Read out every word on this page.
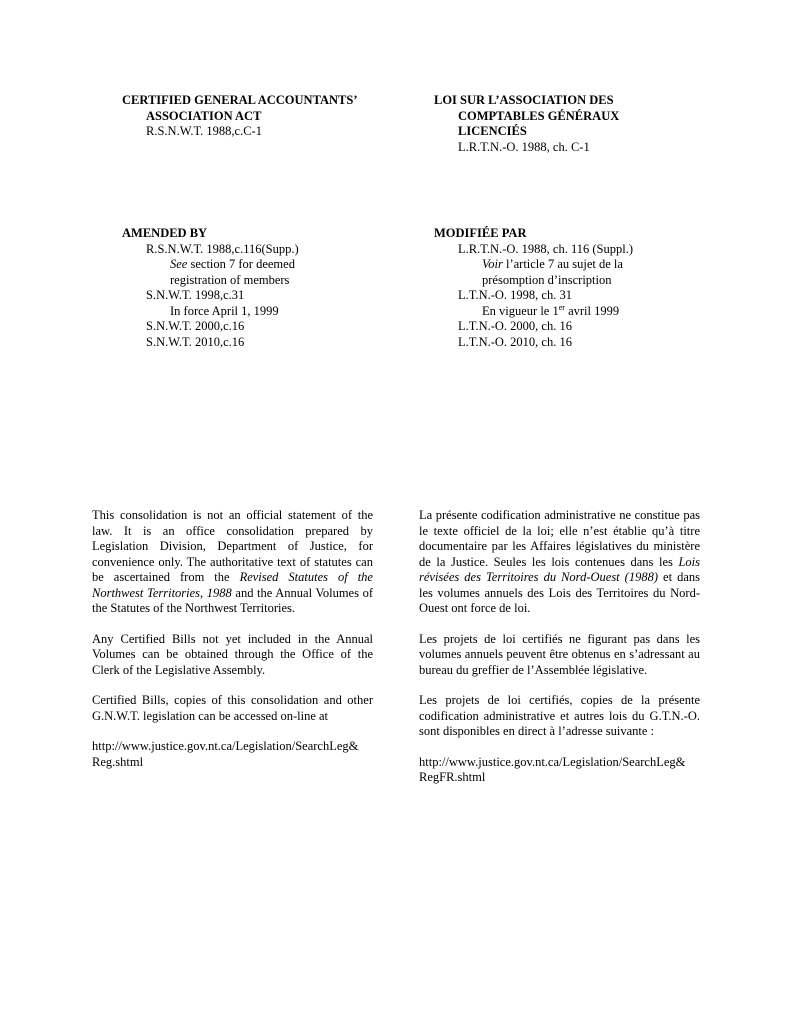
CERTIFIED GENERAL ACCOUNTANTS’
ASSOCIATION ACT
R.S.N.W.T. 1988,c.C-1
LOI SUR L’ASSOCIATION DES
COMPTABLES GÉNÉRAUX
LICENCIÉS
L.R.T.N.-O. 1988, ch. C-1
AMENDED BY
R.S.N.W.T. 1988,c.116(Supp.)
See section 7 for deemed
registration of members
S.N.W.T. 1998,c.31
In force April 1, 1999
S.N.W.T. 2000,c.16
S.N.W.T. 2010,c.16
MODIFIÉE PAR
L.R.T.N.-O. 1988, ch. 116 (Suppl.)
Voir l’article 7 au sujet de la
présomption d’inscription
L.T.N.-O. 1998, ch. 31
En vigueur le 1er avril 1999
L.T.N.-O. 2000, ch. 16
L.T.N.-O. 2010, ch. 16

This consolidation is not an official statement of the law. It is an office consolidation prepared by Legislation Division, Department of Justice, for convenience only. The authoritative text of statutes can be ascertained from the Revised Statutes of the Northwest Territories, 1988 and the Annual Volumes of the Statutes of the Northwest Territories.

Any Certified Bills not yet included in the Annual Volumes can be obtained through the Office of the Clerk of the Legislative Assembly.

Certified Bills, copies of this consolidation and other G.N.W.T. legislation can be accessed on-line at

http://www.justice.gov.nt.ca/Legislation/SearchLeg&
Reg.shtml

La présente codification administrative ne constitue pas le texte officiel de la loi; elle n’est établie qu’à titre documentaire par les Affaires législatives du ministère de la Justice. Seules les lois contenues dans les Lois révisées des Territoires du Nord-Ouest (1988) et dans les volumes annuels des Lois des Territoires du Nord-Ouest ont force de loi.

Les projets de loi certifiés ne figurant pas dans les volumes annuels peuvent être obtenus en s’adressant au bureau du greffier de l’Assemblée législative.

Les projets de loi certifiés, copies de la présente codification administrative et autres lois du G.T.N.-O. sont disponibles en direct à l’adresse suivante :

http://www.justice.gov.nt.ca/Legislation/SearchLeg&
RegFR.shtml
